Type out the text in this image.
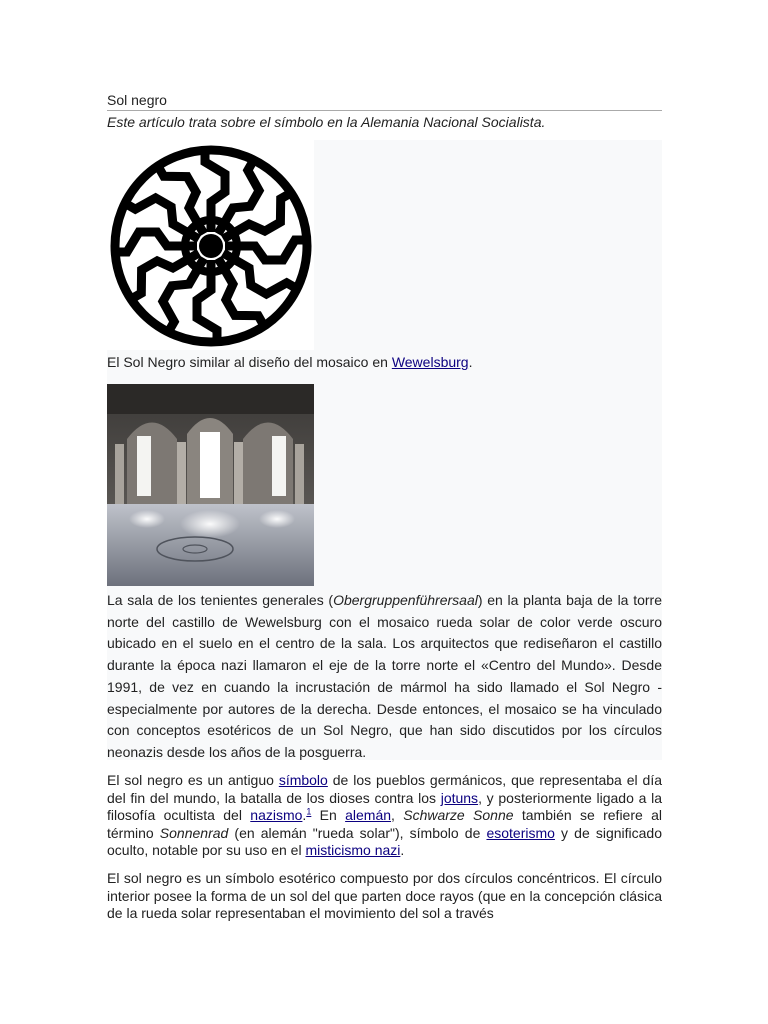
Sol negro
Este artículo trata sobre el símbolo en la Alemania Nacional Socialista.
El Sol Negro similar al diseño del mosaico en Wewelsburg.
La sala de los tenientes generales (Obergruppenführersaal) en la planta baja de la torre norte del castillo de Wewelsburg con el mosaico rueda solar de color verde oscuro ubicado en el suelo en el centro de la sala. Los arquitectos que rediseñaron el castillo durante la época nazi llamaron el eje de la torre norte el «Centro del Mundo». Desde 1991, de vez en cuando la incrustación de mármol ha sido llamado el Sol Negro - especialmente por autores de la derecha. Desde entonces, el mosaico se ha vinculado con conceptos esotéricos de un Sol Negro, que han sido discutidos por los círculos neonazis desde los años de la posguerra.
El sol negro es un antiguo símbolo de los pueblos germánicos, que representaba el día del fin del mundo, la batalla de los dioses contra los jotuns, y posteriormente ligado a la filosofía ocultista del nazismo.$^1$ En alemán, Schwarze Sonne también se refiere al término Sonnenrad (en alemán "rueda solar"), símbolo de esoterismo y de significado oculto, notable por su uso en el misticismo nazi.
El sol negro es un símbolo esotérico compuesto por dos círculos concéntricos. El círculo interior posee la forma de un sol del que parten doce rayos (que en la concepción clásica de la rueda solar representaban el movimiento del sol a través
